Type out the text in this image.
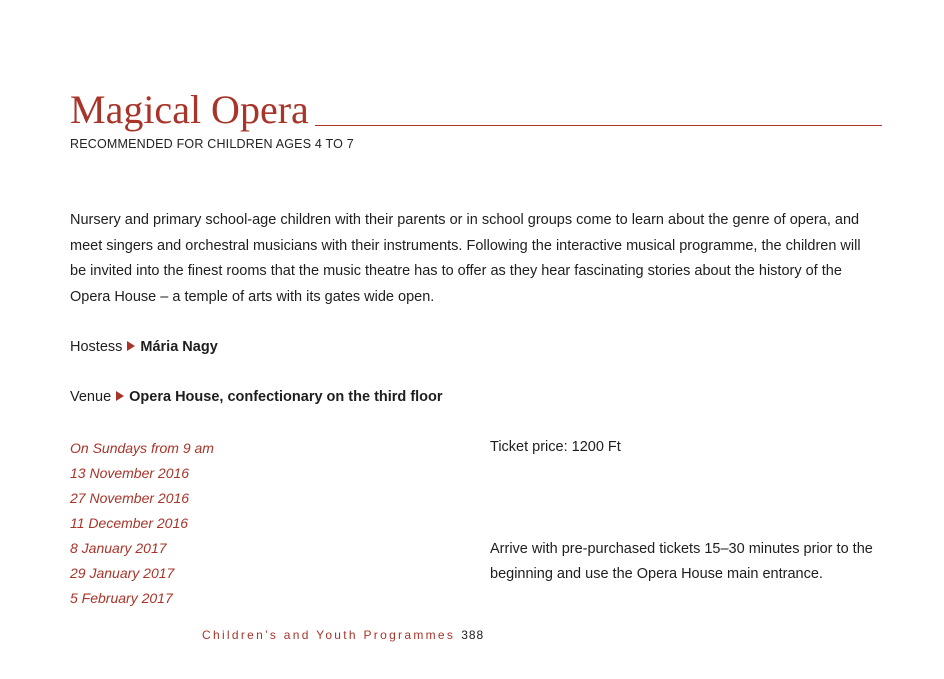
Magical Opera
RECOMMENDED FOR CHILDREN AGES 4 TO 7

Nursery and primary school-age children with their parents or in school groups come to learn about the genre of opera, and meet singers and orchestral musicians with their instruments. Following the interactive musical programme, the children will be invited into the finest rooms that the music theatre has to offer as they hear fascinating stories about the history of the Opera House – a temple of arts with its gates wide open.

Hostess Mária Nagy
Venue Opera House, confectionary on the third floor
On Sundays from 9 am
13 November 2016
27 November 2016
11 December 2016
8 January 2017
29 January 2017
5 February 2017
Ticket price: 1200 Ft

Arrive with pre-purchased tickets 15–30 minutes prior to the beginning and use the Opera House main entrance.

Children’s and Youth Programmes 388
